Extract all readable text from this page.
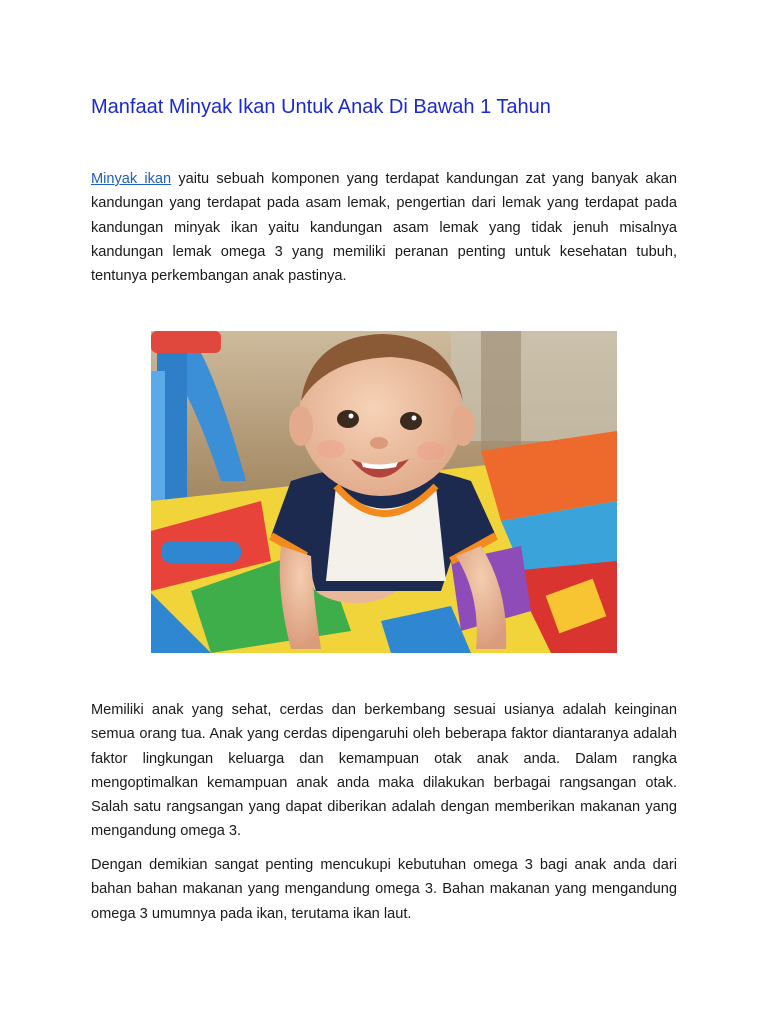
Manfaat Minyak Ikan Untuk Anak Di Bawah 1 Tahun

Minyak ikan yaitu sebuah komponen yang terdapat kandungan zat yang banyak akan kandungan yang terdapat pada asam lemak, pengertian dari lemak yang terdapat pada kandungan minyak ikan yaitu kandungan asam lemak yang tidak jenuh misalnya kandungan lemak omega 3 yang memiliki peranan penting untuk kesehatan tubuh, tentunya perkembangan anak pastinya.

Memiliki anak yang sehat, cerdas dan berkembang sesuai usianya adalah keinginan semua orang tua. Anak yang cerdas dipengaruhi oleh beberapa faktor diantaranya adalah faktor lingkungan keluarga dan kemampuan otak anak anda. Dalam rangka mengoptimalkan kemampuan anak anda maka dilakukan berbagai rangsangan otak. Salah satu rangsangan yang dapat diberikan adalah dengan memberikan makanan yang mengandung omega 3.

Dengan demikian sangat penting mencukupi kebutuhan omega 3 bagi anak anda dari bahan bahan makanan yang mengandung omega 3. Bahan makanan yang mengandung omega 3 umumnya pada ikan, terutama ikan laut.
